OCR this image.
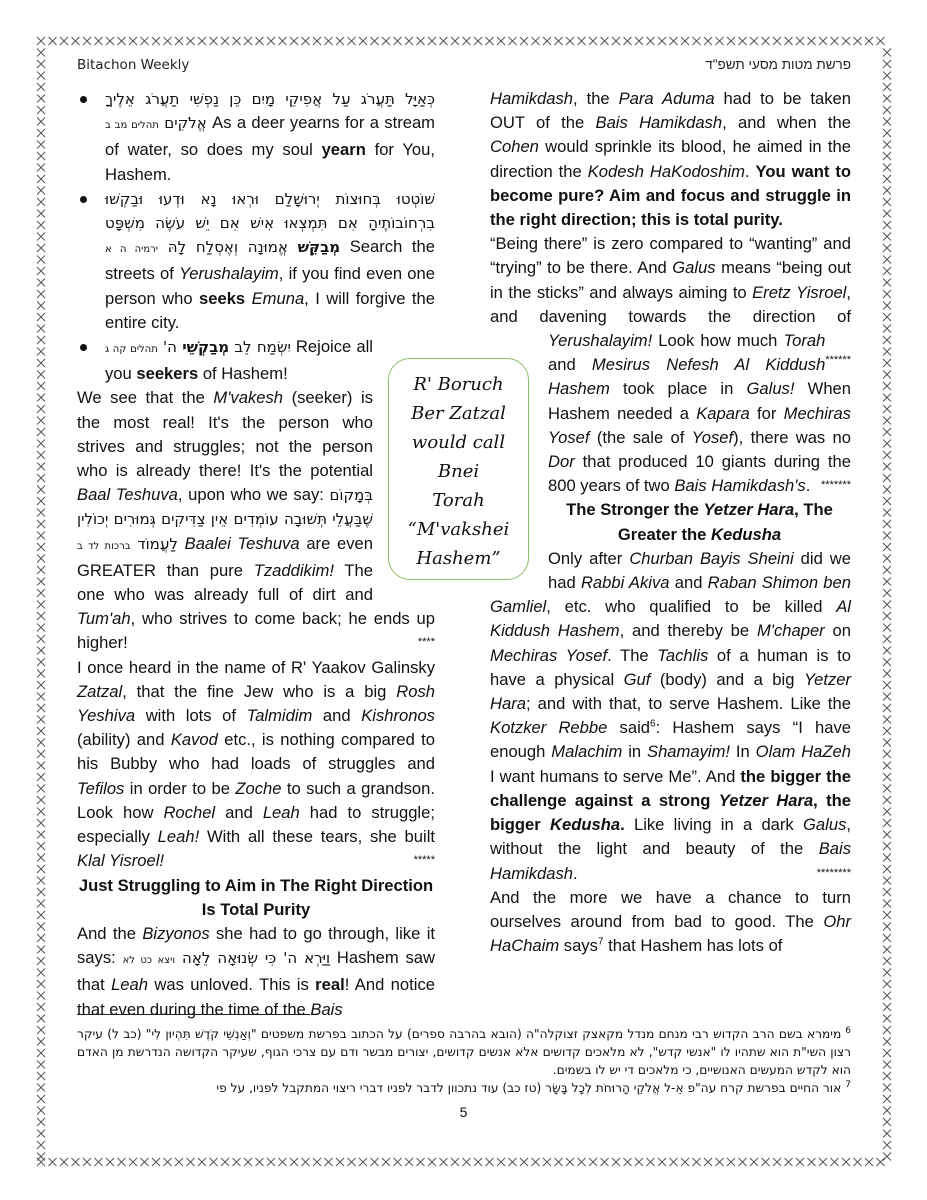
Bitachon Weekly	פרשת מטות מסעי תשפ"ד
כְּאַיָּל תַּעֲרֹג עַל אֲפִיקֵי מָיִם כֵּן נַפְשִׁי תַעֲרֹג אֵלֶיךָ אֱלֹקִים תהלים מב ב	As a deer yearns for a stream of water, so does my soul yearn for You, Hashem.
שׁוֹטְטוּ בְּחוּצוֹת יְרוּשָׁלִַם וּרְאוּ נָא וּדְעוּ וּבַקְשׁוּ בִרְחוֹבוֹתֶיהָ אִם תִּמְצְאוּ אִישׁ אִם יֵשׁ עֹשֶׂה מִשְׁפָּט מְבַקֵּשׁ אֱמוּנָה וְאֶסְלַח לָהּ ירמיה ה א	Search the streets of Yerushalayim, if you find even one person who seeks Emuna, I will forgive the entire city.
יִשְׂמַח לֵב מְבַקְשֵׁי ה' תהלים קה ג	Rejoice all you seekers of Hashem!

We see that the M'vakesh (seeker) is the most real! It's the person who strives and struggles; not the person who is already there! It's the potential Baal Teshuva, upon who we say: בְּמָקוֹם שֶׁבַּעֲלֵי תְּשׁוּבָה עוֹמְדִים אֵין צַדִּיקִים גְּמוּרִים יְכוֹלִין לַעֲמוֹד ברכות לד ב	Baalei Teshuva are even GREATER than pure Tzaddikim! The one who was already full of dirt and Tum'ah, who strives to come back; he ends up higher!	****

I once heard in the name of R' Yaakov Galinsky Zatzal, that the fine Jew who is a big Rosh Yeshiva with lots of Talmidim and Kishronos (ability) and Kavod etc., is nothing compared to his Bubby who had loads of struggles and Tefilos in order to be Zoche to such a grandson. Look how Rochel and Leah had to struggle; especially Leah! With all these tears, she built Klal Yisroel!	*****

Just Struggling to Aim in The Right Direction Is Total Purity

And the Bizyonos she had to go through, like it says:	וַיַּרְא ה' כִּי שְׂנוּאָה לֵאָה ויצא כט לא	Hashem saw that Leah was unloved. This is real! And notice that even during the time of the Bais

Hamikdash, the Para Aduma had to be taken OUT of the Bais Hamikdash, and when the Cohen would sprinkle its blood, he aimed in the direction the Kodesh HaKodoshim. You want to become pure? Aim and focus and struggle in the right direction; this is total purity.
******

“Being there” is zero compared to “wanting” and “trying” to be there. And Galus means “being out in the sticks” and always aiming to Eretz Yisroel, and davening towards the direction of Yerushalayim! Look how much Torah and Mesirus Nefesh Al Kiddush Hashem took place in Galus! When Hashem needed a Kapara for Mechiras Yosef (the sale of Yosef), there was no Dor that produced 10 giants during the 800 years of two Bais Hamikdash's. *******

The Stronger the Yetzer Hara, The Greater the Kedusha

Only after Churban Bayis Sheini did we had Rabbi Akiva and Raban Shimon ben Gamliel, etc. who qualified to be killed Al Kiddush Hashem, and thereby be M'chaper on Mechiras Yosef. The Tachlis of a human is to have a physical Guf (body) and a big Yetzer Hara; and with that, to serve Hashem. Like the Kotzker Rebbe said$^6$: Hashem says “I have enough Malachim in Shamayim! In Olam HaZeh I want humans to serve Me”. And the bigger the challenge against a strong Yetzer Hara, the bigger Kedusha. Like living in a dark Galus, without the light and beauty of the Bais Hamikdash.	********

And the more we have a chance to turn ourselves around from bad to good. The Ohr HaChaim says$^7$ that Hashem has lots of

R' Boruch
Ber Zatzal
would call
Bnei
Torah
“M'vakshei
Hashem”

$^6$מימרא בשם הרב הקדוש רבי מנחם מנדל מקאצק זצוקלה"ה (הובא בהרבה ספרים) על הכתוב בפרשת משפטים "וְאַנְשֵׁי קֹדֶשׁ תִּהְיוּן לִי" (כב ל) עיקר רצון השי"ת הוא שתהיו לו "אנשי קדש", לא מלאכים קדושים אלא אנשים קדושים, יצורים מבשר ודם עם צרכי הגוף, שעיקר הקדושה הנדרשת מן האדם הוא לקדש המעשים האנושיים, כי מלאכים די יש לו בשמים.

$^7$אור החיים בפרשת קרח עה"פ אֵ-ל אֱלֹקֵי הָרוּחֹת לְכָל בָּשָׂר (טז כב) עוד נתכוון לדבר לפניו דברי ריצוי המתקבל לפניו, על פי

5
